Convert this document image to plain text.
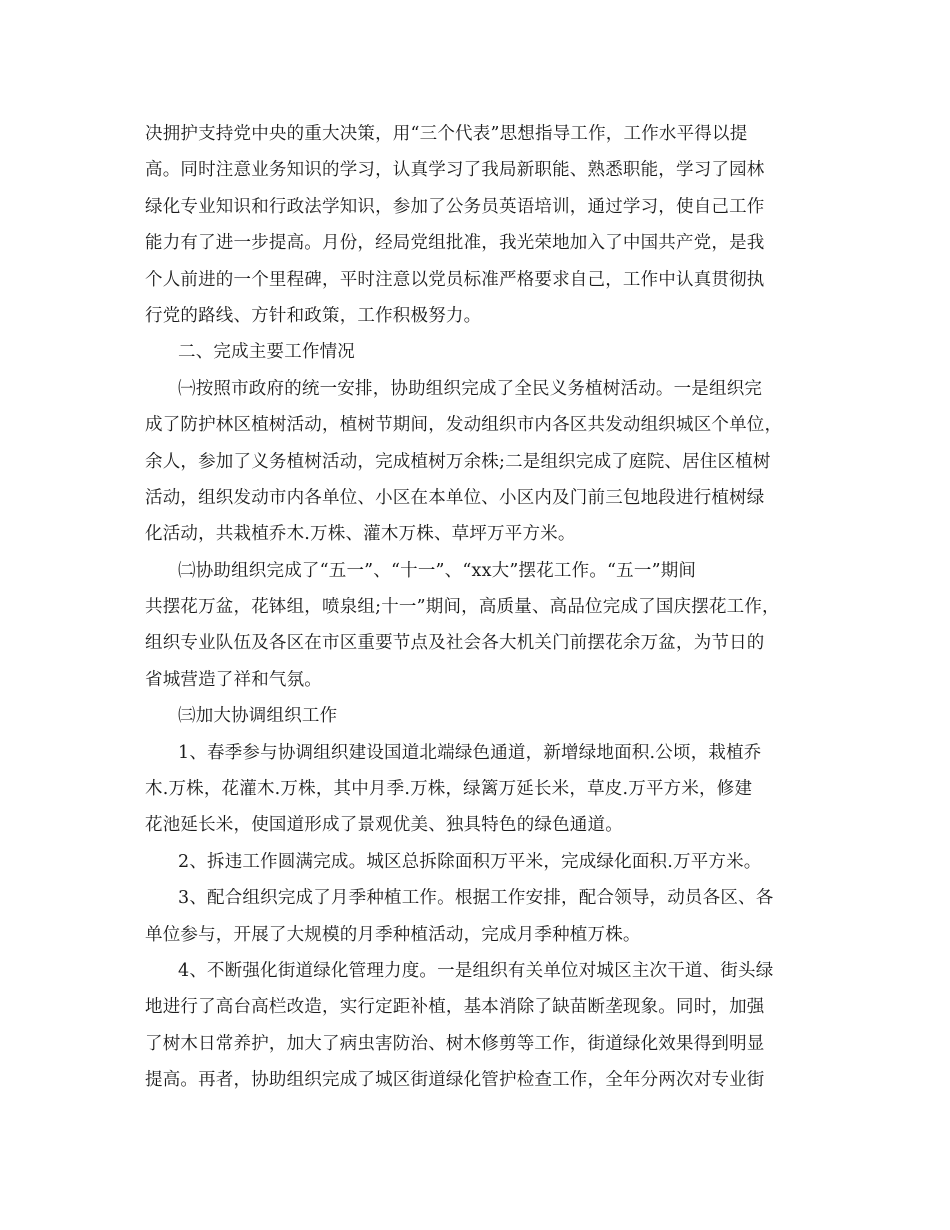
决拥护支持党中央的重大决策，用“三个代表”思想指导工作，工作水平得以提
高。同时注意业务知识的学习，认真学习了我局新职能、熟悉职能，学习了园林
绿化专业知识和行政法学知识，参加了公务员英语培训，通过学习，使自己工作
能力有了进一步提高。月份，经局党组批准，我光荣地加入了中国共产党，是我
个人前进的一个里程碑，平时注意以党员标准严格要求自己，工作中认真贯彻执
行党的路线、方针和政策，工作积极努力。
二、完成主要工作情况
㈠按照市政府的统一安排，协助组织完成了全民义务植树活动。一是组织完
成了防护林区植树活动，植树节期间，发动组织市内各区共发动组织城区个单位，
余人，参加了义务植树活动，完成植树万余株;二是组织完成了庭院、居住区植树
活动，组织发动市内各单位、小区在本单位、小区内及门前三包地段进行植树绿
化活动，共栽植乔木.万株、灌木万株、草坪万平方米。
㈡协助组织完成了“五一”、“十一”、“xx大”摆花工作。“五一”期间
共摆花万盆，花钵组，喷泉组;十一”期间，高质量、高品位完成了国庆摆花工作，
组织专业队伍及各区在市区重要节点及社会各大机关门前摆花余万盆，为节日的
省城营造了祥和气氛。
㈢加大协调组织工作
1、春季参与协调组织建设国道北端绿色通道，新增绿地面积.公顷，栽植乔
木.万株，花灌木.万株，其中月季.万株，绿篱万延长米，草皮.万平方米，修建
花池延长米，使国道形成了景观优美、独具特色的绿色通道。
2、拆违工作圆满完成。城区总拆除面积万平米，完成绿化面积.万平方米。
3、配合组织完成了月季种植工作。根据工作安排，配合领导，动员各区、各
单位参与，开展了大规模的月季种植活动，完成月季种植万株。
4、不断强化街道绿化管理力度。一是组织有关单位对城区主次干道、街头绿
地进行了高台高栏改造，实行定距补植，基本消除了缺苗断垄现象。同时，加强
了树木日常养护，加大了病虫害防治、树木修剪等工作，街道绿化效果得到明显
提高。再者，协助组织完成了城区街道绿化管护检查工作，全年分两次对专业街
